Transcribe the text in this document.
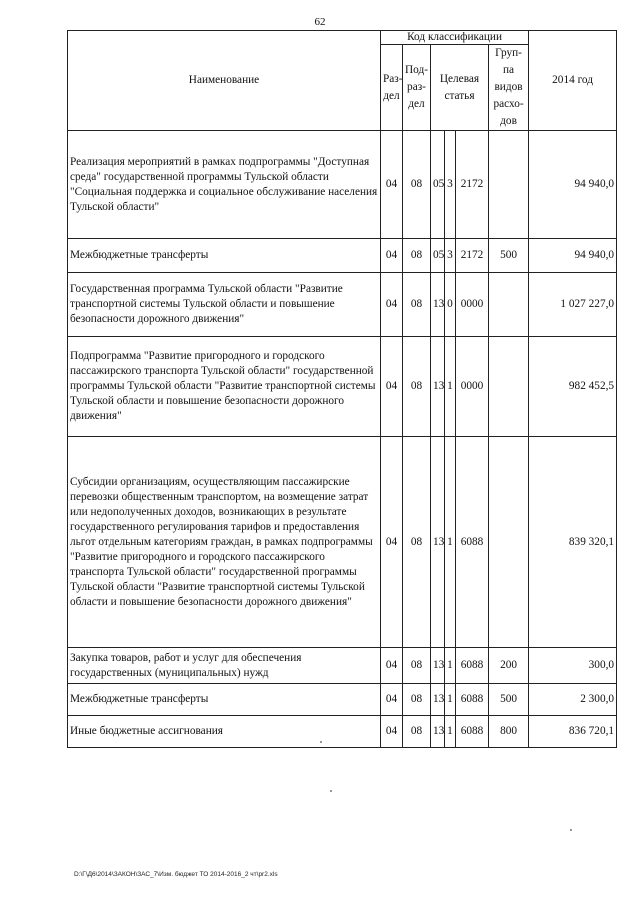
62
Наименование	Код классификации						2014 год
	Раз-дел	Под-раз-дел	Целевая статья			Груп-па видов расхо-дов	
Реализация мероприятий в рамках подпрограммы "Доступная среда" государственной программы Тульской области "Социальная поддержка и социальное обслуживание населения Тульской области"	04	08	05	3	2172		94 940,0
Межбюджетные трансферты	04	08	05	3	2172	500	94 940,0
Государственная программа Тульской области "Развитие транспортной системы Тульской области и повышение безопасности дорожного движения"	04	08	13	0	0000		1 027 227,0
Подпрограмма "Развитие пригородного и городского пассажирского транспорта Тульской области" государственной программы Тульской области "Развитие транспортной системы Тульской области и повышение безопасности дорожного движения"	04	08	13	1	0000		982 452,5
Субсидии организациям, осуществляющим пассажирские перевозки общественным транспортом, на возмещение затрат или недополученных доходов, возникающих в результате государственного регулирования тарифов и предоставления льгот отдельным категориям граждан, в рамках подпрограммы "Развитие пригородного и городского пассажирского транспорта Тульской области" государственной программы Тульской области "Развитие транспортной системы Тульской области и повышение безопасности дорожного движения"	04	08	13	1	6088		839 320,1
Закупка товаров, работ и услуг для обеспечения государственных (муниципальных) нужд	04	08	13	1	6088	200	300,0
Межбюджетные трансферты	04	08	13	1	6088	500	2 300,0
Иные бюджетные ассигнования	04	08	13	1	6088	800	836 720,1
D:\Г\Д6\2014\ЗАКОН\ЗАС_7\Изм. бюджет ТО 2014-2016_2 чт\pr2.xls
